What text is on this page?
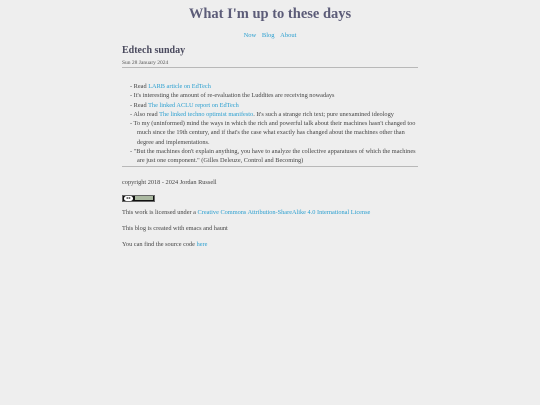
What I'm up to these days
Now Blog About
Edtech sunday
Sun 28 January 2024
- Read LARB article on EdTech
- It's interesting the amount of re-evaluation the Luddites are receiving nowadays
- Read The linked ACLU report on EdTech
- Also read The linked techno optimist manifesto. It's such a strange rich text; pure unexamined ideology
- To my (uninformed) mind the ways in which the rich and powerful talk about their machines hasn't changed too much since the 19th century, and if that's the case what exactly has changed about the machines other than degree and implementations.
- "But the machines don't explain anything, you have to analyze the collective apparatuses of which the machines are just one component." (Gilles Deleuze, Control and Becoming)

copyright 2018 - 2024 Jordan Russell

cc

This work is licensed under a Creative Commons Attribution-ShareAlike 4.0 International License

This blog is created with emacs and haunt

You can find the source code here
